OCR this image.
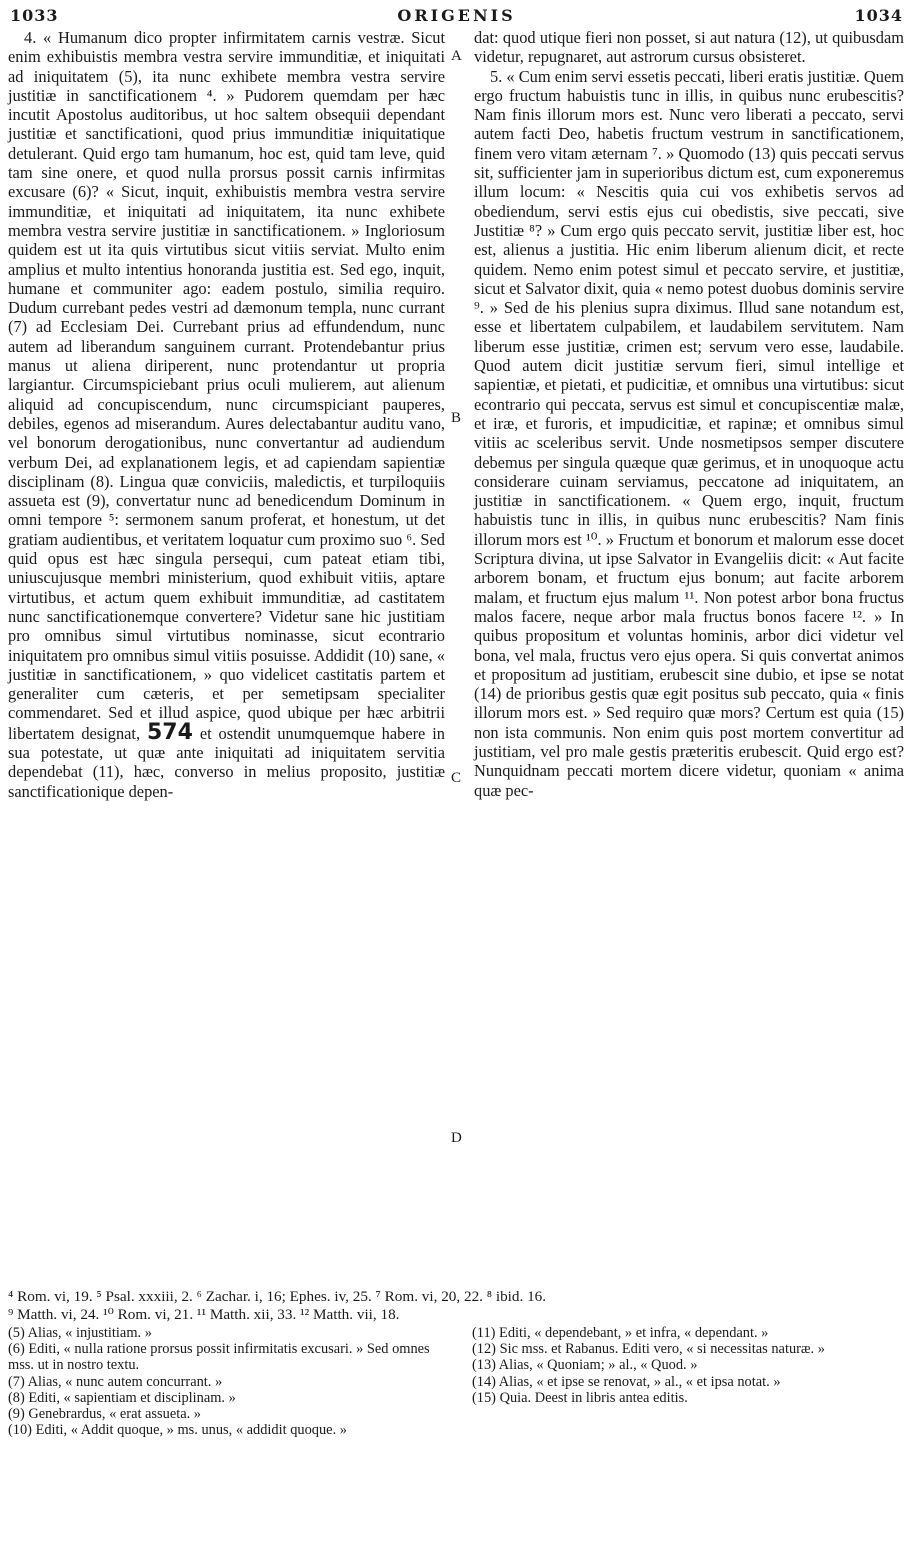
1033	ORIGENIS	1034

4. « Humanum dico propter infirmitatem carnis vestræ. Sicut enim exhibuistis membra vestra servire immunditiæ, et iniquitati ad iniquitatem (5), ita nunc exhibete membra vestra servire justitiæ in sanctificationem ⁴. » Pudorem quemdam per hæc incutit Apostolus auditoribus, ut hoc saltem obsequii dependant justitiæ et sanctificationi, quod prius immunditiæ iniquitatique detulerant. Quid ergo tam humanum, hoc est, quid tam leve, quid tam sine onere, et quod nulla prorsus possit carnis infirmitas excusare (6)? « Sicut, inquit, exhibuistis membra vestra servire immunditiæ, et iniquitati ad iniquitatem, ita nunc exhibete membra vestra servire justitiæ in sanctificationem. » Ingloriosum quidem est ut ita quis virtutibus sicut vitiis serviat. Multo enim amplius et multo intentius honoranda justitia est. Sed ego, inquit, humane et communiter ago: eadem postulo, similia requiro. Dudum currebant pedes vestri ad dæmonum templa, nunc currant (7) ad Ecclesiam Dei. Currebant prius ad effundendum, nunc autem ad liberandum sanguinem currant. Protendebantur prius manus ut aliena diriperent, nunc protendantur ut propria largiantur. Circumspiciebant prius oculi mulierem, aut alienum aliquid ad concupiscendum, nunc circumspiciant pauperes, debiles, egenos ad miserandum. Aures delectabantur auditu vano, vel bonorum derogationibus, nunc convertantur ad audiendum verbum Dei, ad explanationem legis, et ad capiendam sapientiæ disciplinam (8). Lingua quæ conviciis, maledictis, et turpiloquiis assueta est (9), convertatur nunc ad benedicendum Dominum in omni tempore ⁵: sermonem sanum proferat, et honestum, ut det gratiam audientibus, et veritatem loquatur cum proximo suo ⁶. Sed quid opus est hæc singula persequi, cum pateat etiam tibi, uniuscujusque membri ministerium, quod exhibuit vitiis, aptare virtutibus, et actum quem exhibuit immunditiæ, ad castitatem nunc sanctificationemque convertere? Videtur sane hic justitiam pro omnibus simul virtutibus nominasse, sicut econtrario iniquitatem pro omnibus simul vitiis posuisse. Addidit (10) sane, « justitiæ in sanctificationem, » quo videlicet castitatis partem et generaliter cum cæteris, et per semetipsam specialiter commendaret. Sed et illud aspice, quod ubique per hæc arbitrii libertatem designat, 574 et ostendit unumquemque habere in sua potestate, ut quæ ante iniquitati ad iniquitatem servitia dependebat (11), hæc, converso in melius proposito, justitiæ sanctificationique depen-

A
B
C
D

dat: quod utique fieri non posset, si aut natura (12), ut quibusdam videtur, repugnaret, aut astrorum cursus obsisteret.

5. « Cum enim servi essetis peccati, liberi eratis justitiæ. Quem ergo fructum habuistis tunc in illis, in quibus nunc erubescitis? Nam finis illorum mors est. Nunc vero liberati a peccato, servi autem facti Deo, habetis fructum vestrum in sanctificationem, finem vero vitam æternam ⁷. » Quomodo (13) quis peccati servus sit, sufficienter jam in superioribus dictum est, cum exponeremus illum locum: « Nescitis quia cui vos exhibetis servos ad obediendum, servi estis ejus cui obedistis, sive peccati, sive Justitiæ ⁸? » Cum ergo quis peccato servit, justitiæ liber est, hoc est, alienus a justitia. Hic enim liberum alienum dicit, et recte quidem. Nemo enim potest simul et peccato servire, et justitiæ, sicut et Salvator dixit, quia « nemo potest duobus dominis servire ⁹. » Sed de his plenius supra diximus. Illud sane notandum est, esse et libertatem culpabilem, et laudabilem servitutem. Nam liberum esse justitiæ, crimen est; servum vero esse, laudabile. Quod autem dicit justitiæ servum fieri, simul intellige et sapientiæ, et pietati, et pudicitiæ, et omnibus una virtutibus: sicut econtrario qui peccata, servus est simul et concupiscentiæ malæ, et iræ, et furoris, et impudicitiæ, et rapinæ; et omnibus simul vitiis ac sceleribus servit. Unde nosmetipsos semper discutere debemus per singula quæque quæ gerimus, et in unoquoque actu considerare cuinam serviamus, peccatone ad iniquitatem, an justitiæ in sanctificationem. « Quem ergo, inquit, fructum habuistis tunc in illis, in quibus nunc erubescitis? Nam finis illorum mors est ¹⁰. » Fructum et bonorum et malorum esse docet Scriptura divina, ut ipse Salvator in Evangeliis dicit: « Aut facite arborem bonam, et fructum ejus bonum; aut facite arborem malam, et fructum ejus malum ¹¹. Non potest arbor bona fructus malos facere, neque arbor mala fructus bonos facere ¹². » In quibus propositum et voluntas hominis, arbor dici videtur vel bona, vel mala, fructus vero ejus opera. Si quis convertat animos et propositum ad justitiam, erubescit sine dubio, et ipse se notat (14) de prioribus gestis quæ egit positus sub peccato, quia « finis illorum mors est. » Sed requiro quæ mors? Certum est quia (15) non ista communis. Non enim quis post mortem convertitur ad justitiam, vel pro male gestis præteritis erubescit. Quid ergo est? Nunquidnam peccati mortem dicere videtur, quoniam « anima quæ pec-

⁴ Rom. vi, 19. ⁵ Psal. xxxiii, 2. ⁶ Zachar. i, 16; Ephes. iv, 25. ⁷ Rom. vi, 20, 22. ⁸ ibid. 16.
⁹ Matth. vi, 24. ¹⁰ Rom. vi, 21. ¹¹ Matth. xii, 33. ¹² Matth. vii, 18.
(5) Alias, « injustitiam. »
(6) Editi, « nulla ratione prorsus possit infirmitatis excusari. » Sed omnes mss. ut in nostro textu.
(7) Alias, « nunc autem concurrant. »
(8) Editi, « sapientiam et disciplinam. »
(9) Genebrardus, « erat assueta. »
(10) Editi, « Addit quoque, » ms. unus, « addidit quoque. »
(11) Editi, « dependebant, » et infra, « dependant. »
(12) Sic mss. et Rabanus. Editi vero, « si necessitas naturæ. »
(13) Alias, « Quoniam; » al., « Quod. »
(14) Alias, « et ipse se renovat, » al., « et ipsa notat. »
(15) Quia. Deest in libris antea editis.
